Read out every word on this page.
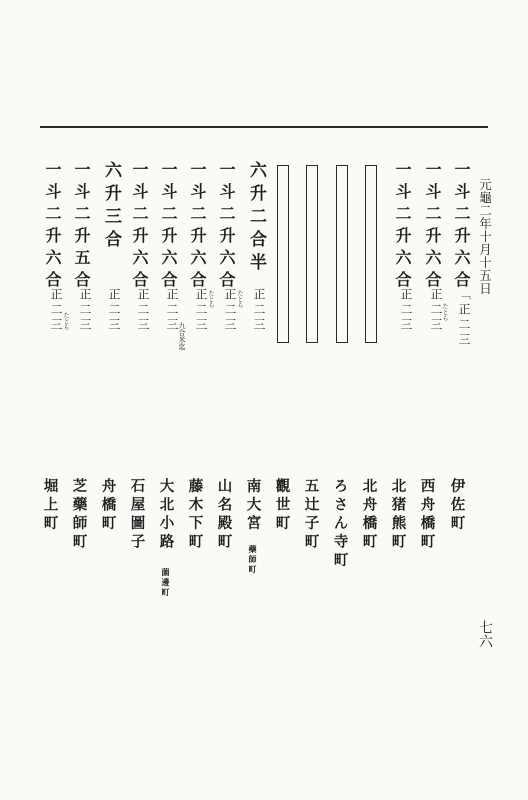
元龜二年十月十五日
七六
一斗二升六合
一斗二升六合
一斗二升六合
六升二合半
一斗二升六合
一斗二升六合
一斗二升六合
一斗二升六合
六升三合
一斗二升五合
一斗二升六合
「正二三
正二三
たとら
正二三
正二三
正二三 たとら
正二三 たとら
正二三
九合米迄
正二三
正二三
正二三
正二三 たとら
伊佐町
西舟橋町
北猪熊町
北舟橋町
ろさん寺町
五辻子町
觀世町
南大宮
藥師町
山名殿町
藤木下町
大北小路
薗邊町
石屋圖子
舟橋町
芝藥師町
堀上町
